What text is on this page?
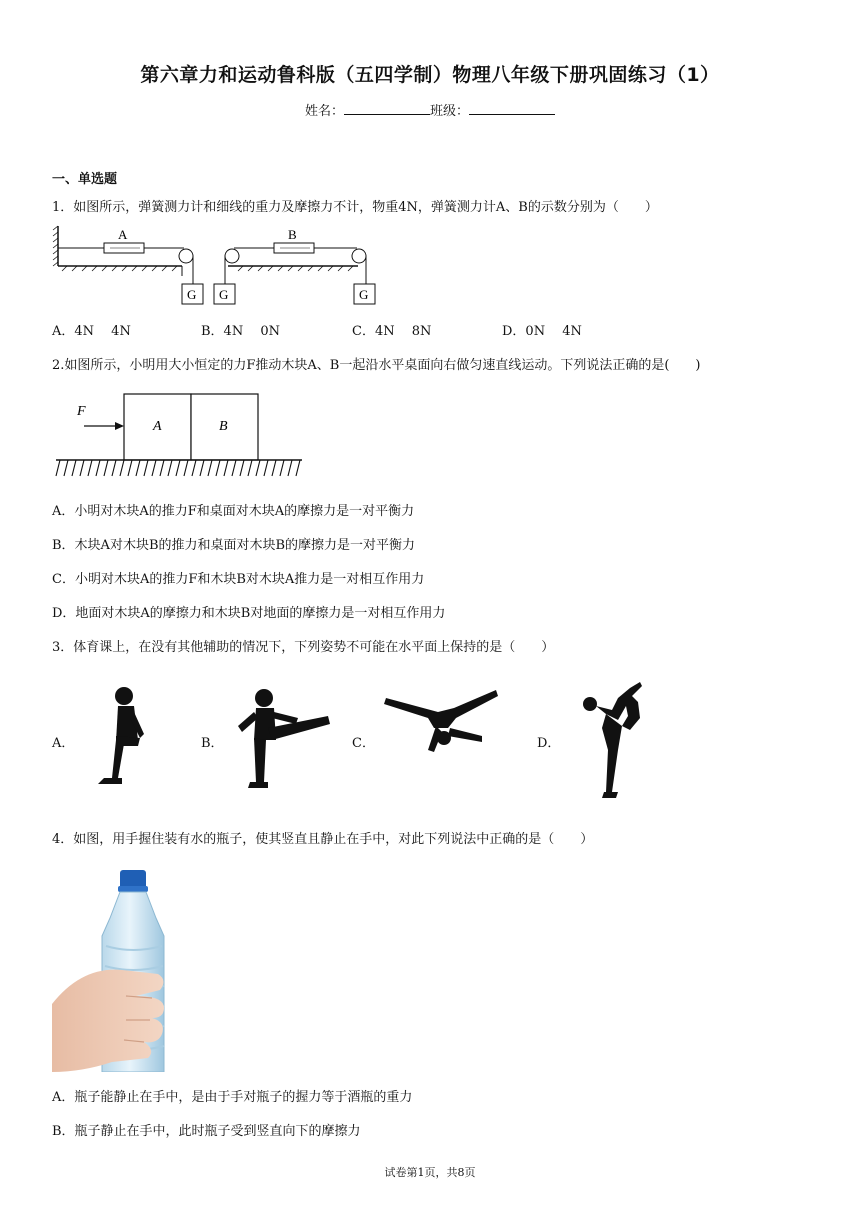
第六章力和运动鲁科版（五四学制）物理八年级下册巩固练习（1）
姓名：	班级：
一、单选题
1．如图所示，弹簧测力计和细线的重力及摩擦力不计，物重4N，弹簧测力计A、B的示数分别为（　　）
A
G G
B
G
A．4N　 4N	B．4N　 0N	C．4N　 8N	D．0N　 4N
2.如图所示，小明用大小恒定的力F推动木块A、B一起沿水平桌面向右做匀速直线运动。下列说法正确的是(　　)
F
A	B
A．小明对木块A的推力F和桌面对木块A的摩擦力是一对平衡力
B．木块A对木块B的推力和桌面对木块B的摩擦力是一对平衡力
C．小明对木块A的推力F和木块B对木块A推力是一对相互作用力
D．地面对木块A的摩擦力和木块B对地面的摩擦力是一对相互作用力
3．体育课上，在没有其他辅助的情况下，下列姿势不可能在水平面上保持的是（　　）
A．	B．	C．	D．
4．如图，用手握住装有水的瓶子，使其竖直且静止在手中，对此下列说法中正确的是（　　）
A．瓶子能静止在手中，是由于手对瓶子的握力等于酒瓶的重力
B．瓶子静止在手中，此时瓶子受到竖直向下的摩擦力
试卷第1页，共8页
